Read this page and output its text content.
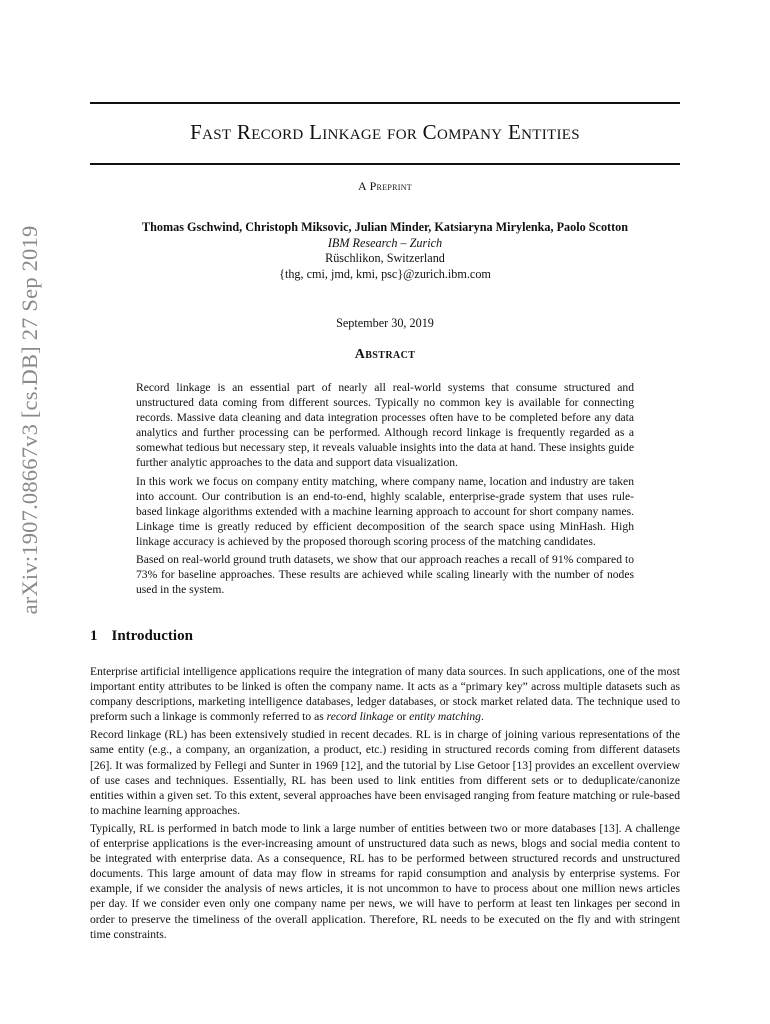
arXiv:1907.08667v3 [cs.DB] 27 Sep 2019
Fast Record Linkage for Company Entities
A Preprint
Thomas Gschwind, Christoph Miksovic, Julian Minder, Katsiaryna Mirylenka, Paolo Scotton
IBM Research – Zurich
Rüschlikon, Switzerland
{thg, cmi, jmd, kmi, psc}@zurich.ibm.com
September 30, 2019
Abstract

Record linkage is an essential part of nearly all real-world systems that consume structured and unstructured data coming from different sources. Typically no common key is available for connecting records. Massive data cleaning and data integration processes often have to be completed before any data analytics and further processing can be performed. Although record linkage is frequently regarded as a somewhat tedious but necessary step, it reveals valuable insights into the data at hand. These insights guide further analytic approaches to the data and support data visualization.

In this work we focus on company entity matching, where company name, location and industry are taken into account. Our contribution is an end-to-end, highly scalable, enterprise-grade system that uses rule-based linkage algorithms extended with a machine learning approach to account for short company names. Linkage time is greatly reduced by efficient decomposition of the search space using MinHash. High linkage accuracy is achieved by the proposed thorough scoring process of the matching candidates.

Based on real-world ground truth datasets, we show that our approach reaches a recall of 91% compared to 73% for baseline approaches. These results are achieved while scaling linearly with the number of nodes used in the system.

1 Introduction

Enterprise artificial intelligence applications require the integration of many data sources. In such applications, one of the most important entity attributes to be linked is often the company name. It acts as a “primary key” across multiple datasets such as company descriptions, marketing intelligence databases, ledger databases, or stock market related data. The technique used to preform such a linkage is commonly referred to as record linkage or entity matching.

Record linkage (RL) has been extensively studied in recent decades. RL is in charge of joining various representations of the same entity (e.g., a company, an organization, a product, etc.) residing in structured records coming from different datasets [26]. It was formalized by Fellegi and Sunter in 1969 [12], and the tutorial by Lise Getoor [13] provides an excellent overview of use cases and techniques. Essentially, RL has been used to link entities from different sets or to deduplicate/canonize entities within a given set. To this extent, several approaches have been envisaged ranging from feature matching or rule-based to machine learning approaches.

Typically, RL is performed in batch mode to link a large number of entities between two or more databases [13]. A challenge of enterprise applications is the ever-increasing amount of unstructured data such as news, blogs and social media content to be integrated with enterprise data. As a consequence, RL has to be performed between structured records and unstructured documents. This large amount of data may flow in streams for rapid consumption and analysis by enterprise systems. For example, if we consider the analysis of news articles, it is not uncommon to have to process about one million news articles per day. If we consider even only one company name per news, we will have to perform at least ten linkages per second in order to preserve the timeliness of the overall application. Therefore, RL needs to be executed on the fly and with stringent time constraints.
